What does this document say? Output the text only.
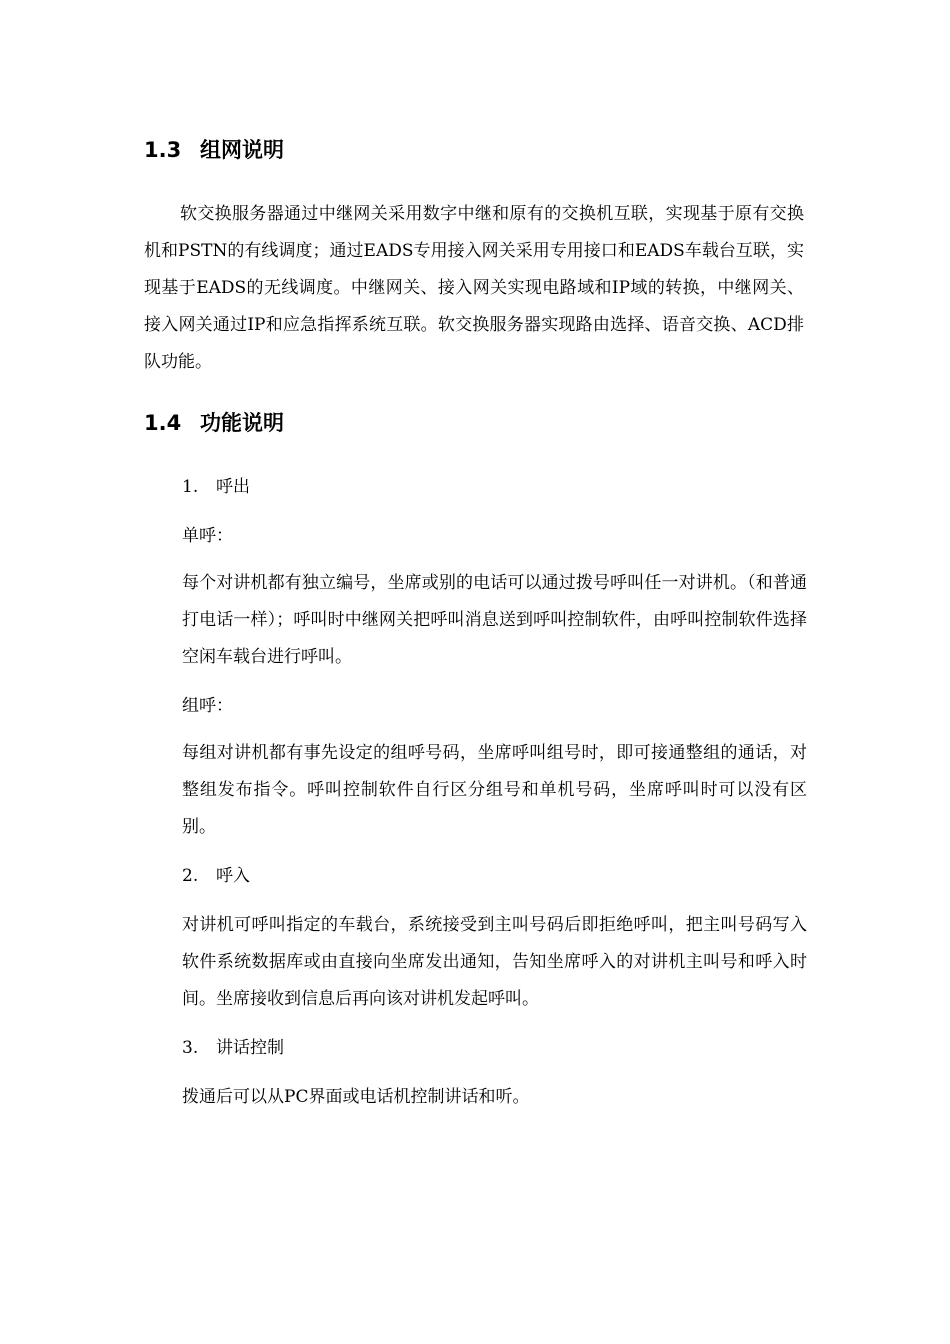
1.3 组网说明
软交换服务器通过中继网关采用数字中继和原有的交换机互联，实现基于原有交换机和PSTN的有线调度；通过EADS专用接入网关采用专用接口和EADS车载台互联，实现基于EADS的无线调度。中继网关、接入网关实现电路域和IP域的转换，中继网关、接入网关通过IP和应急指挥系统互联。软交换服务器实现路由选择、语音交换、ACD排队功能。
1.4 功能说明
1. 呼出
单呼：
每个对讲机都有独立编号，坐席或别的电话可以通过拨号呼叫任一对讲机。（和普通打电话一样）；呼叫时中继网关把呼叫消息送到呼叫控制软件，由呼叫控制软件选择空闲车载台进行呼叫。
组呼：
每组对讲机都有事先设定的组呼号码，坐席呼叫组号时，即可接通整组的通话，对整组发布指令。呼叫控制软件自行区分组号和单机号码，坐席呼叫时可以没有区别。
2. 呼入
对讲机可呼叫指定的车载台，系统接受到主叫号码后即拒绝呼叫，把主叫号码写入软件系统数据库或由直接向坐席发出通知，告知坐席呼入的对讲机主叫号和呼入时间。坐席接收到信息后再向该对讲机发起呼叫。
3. 讲话控制
拨通后可以从PC界面或电话机控制讲话和听。
